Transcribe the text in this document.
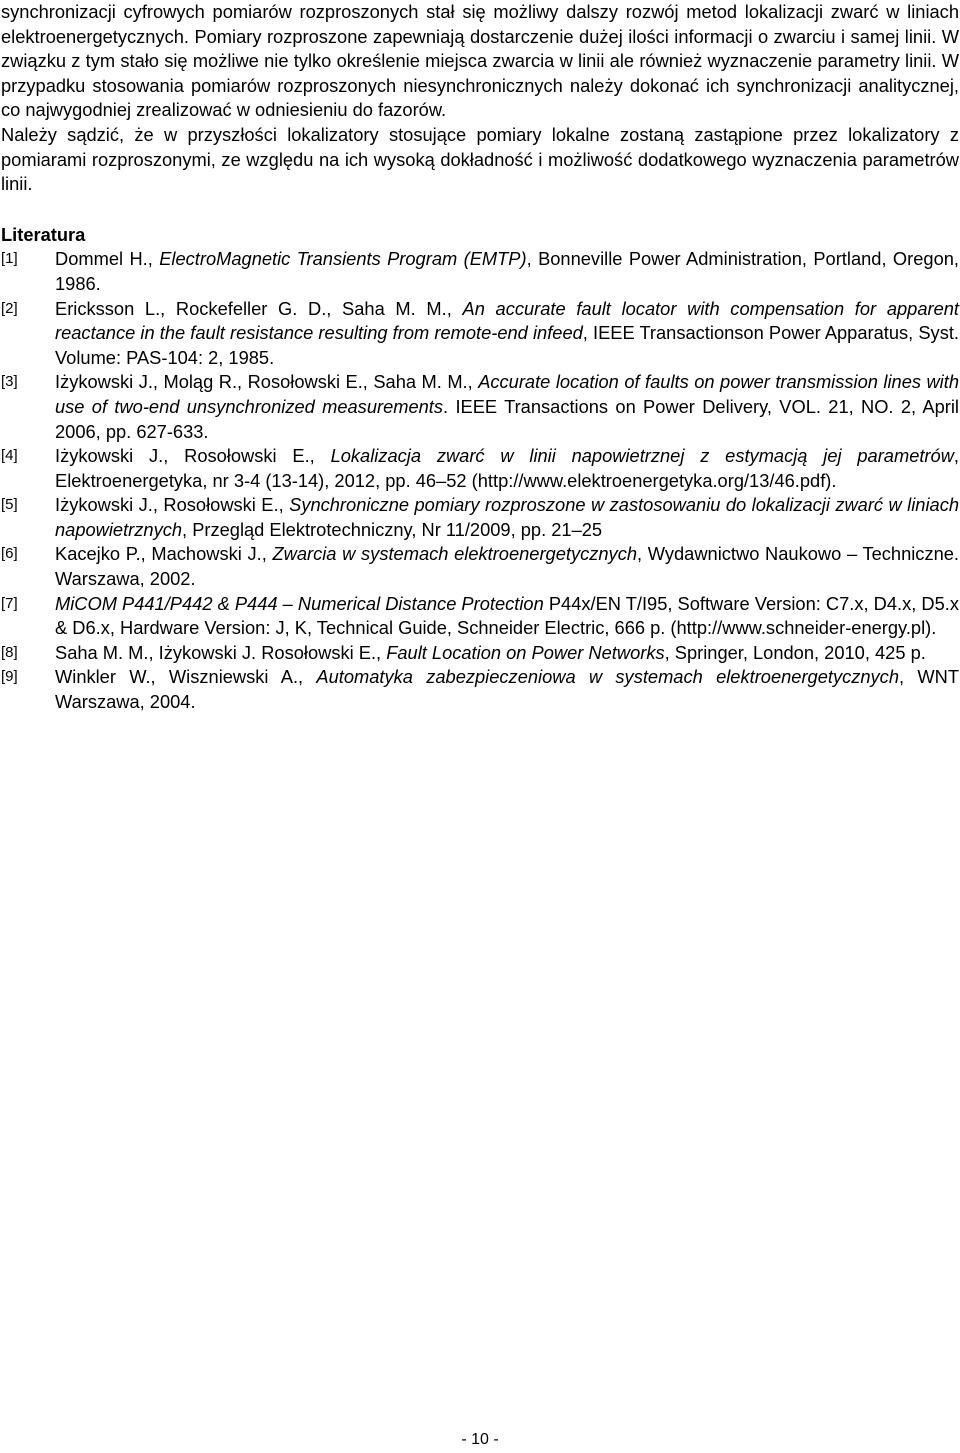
synchronizacji cyfrowych pomiarów rozproszonych stał się możliwy dalszy rozwój metod lokalizacji zwarć w liniach elektroenergetycznych. Pomiary rozproszone zapewniają dostarczenie dużej ilości informacji o zwarciu i samej linii. W związku z tym stało się możliwe nie tylko określenie miejsca zwarcia w linii ale również wyznaczenie parametry linii. W przypadku stosowania pomiarów rozproszonych niesynchronicznych należy dokonać ich synchronizacji analitycznej, co najwygodniej zrealizować w odniesieniu do fazorów.

Należy sądzić, że w przyszłości lokalizatory stosujące pomiary lokalne zostaną zastąpione przez lokalizatory z pomiarami rozproszonymi, ze względu na ich wysoką dokładność i możliwość dodatkowego wyznaczenia parametrów linii.

Literatura
[1]	Dommel H., ElectroMagnetic Transients Program (EMTP), Bonneville Power Administration, Portland, Oregon, 1986.
[2]	Ericksson L., Rockefeller G. D., Saha M. M., An accurate fault locator with compensation for apparent reactance in the fault resistance resulting from remote-end infeed, IEEE Transactionson Power Apparatus, Syst. Volume: PAS-104: 2, 1985.
[3]	Iżykowski J., Moląg R., Rosołowski E., Saha M. M., Accurate location of faults on power transmission lines with use of two-end unsynchronized measurements. IEEE Transactions on Power Delivery, VOL. 21, NO. 2, April 2006, pp. 627-633.
[4]	Iżykowski J., Rosołowski E., Lokalizacja zwarć w linii napowietrznej z estymacją jej parametrów, Elektroenergetyka, nr 3-4 (13-14), 2012, pp. 46–52 (http://www.elektroenergetyka.org/13/46.pdf).
[5]	Iżykowski J., Rosołowski E., Synchroniczne pomiary rozproszone w zastosowaniu do lokalizacji zwarć w liniach napowietrznych, Przegląd Elektrotechniczny, Nr 11/2009, pp. 21–25
[6]	Kacejko P., Machowski J., Zwarcia w systemach elektroenergetycznych, Wydawnictwo Naukowo – Techniczne. Warszawa, 2002.
[7]	MiCOM P441/P442 & P444 – Numerical Distance Protection P44x/EN T/I95, Software Version: C7.x, D4.x, D5.x & D6.x, Hardware Version: J, K, Technical Guide, Schneider Electric, 666 p. (http://www.schneider-energy.pl).
[8]	Saha M. M., Iżykowski J. Rosołowski E., Fault Location on Power Networks, Springer, London, 2010, 425 p.
[9]	Winkler W., Wiszniewski A., Automatyka zabezpieczeniowa w systemach elektroenergetycznych, WNT Warszawa, 2004.
- 10 -
